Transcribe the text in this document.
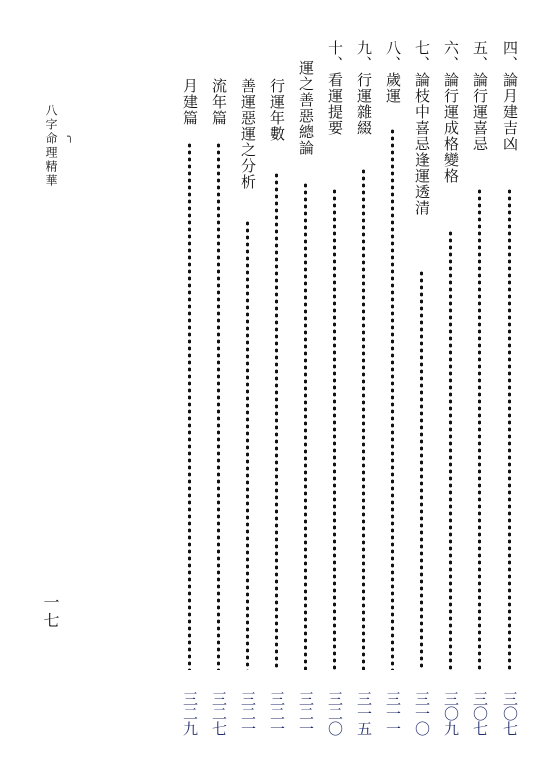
四、論月建吉凶
三〇七
五、論行運喜忌
三〇七
六、論行運成格變格
三〇九
七、論枝中喜忌逢運透清
三一〇
八、歲運
三一一
九、行運雜綴
三一五
十、看運提要
三二〇
運之善惡總論
三二一
行運年數
三二一
善運惡運之分析
三二一
流年篇
三二七
月建篇
三二九
八字命理精華 ╮
一七
